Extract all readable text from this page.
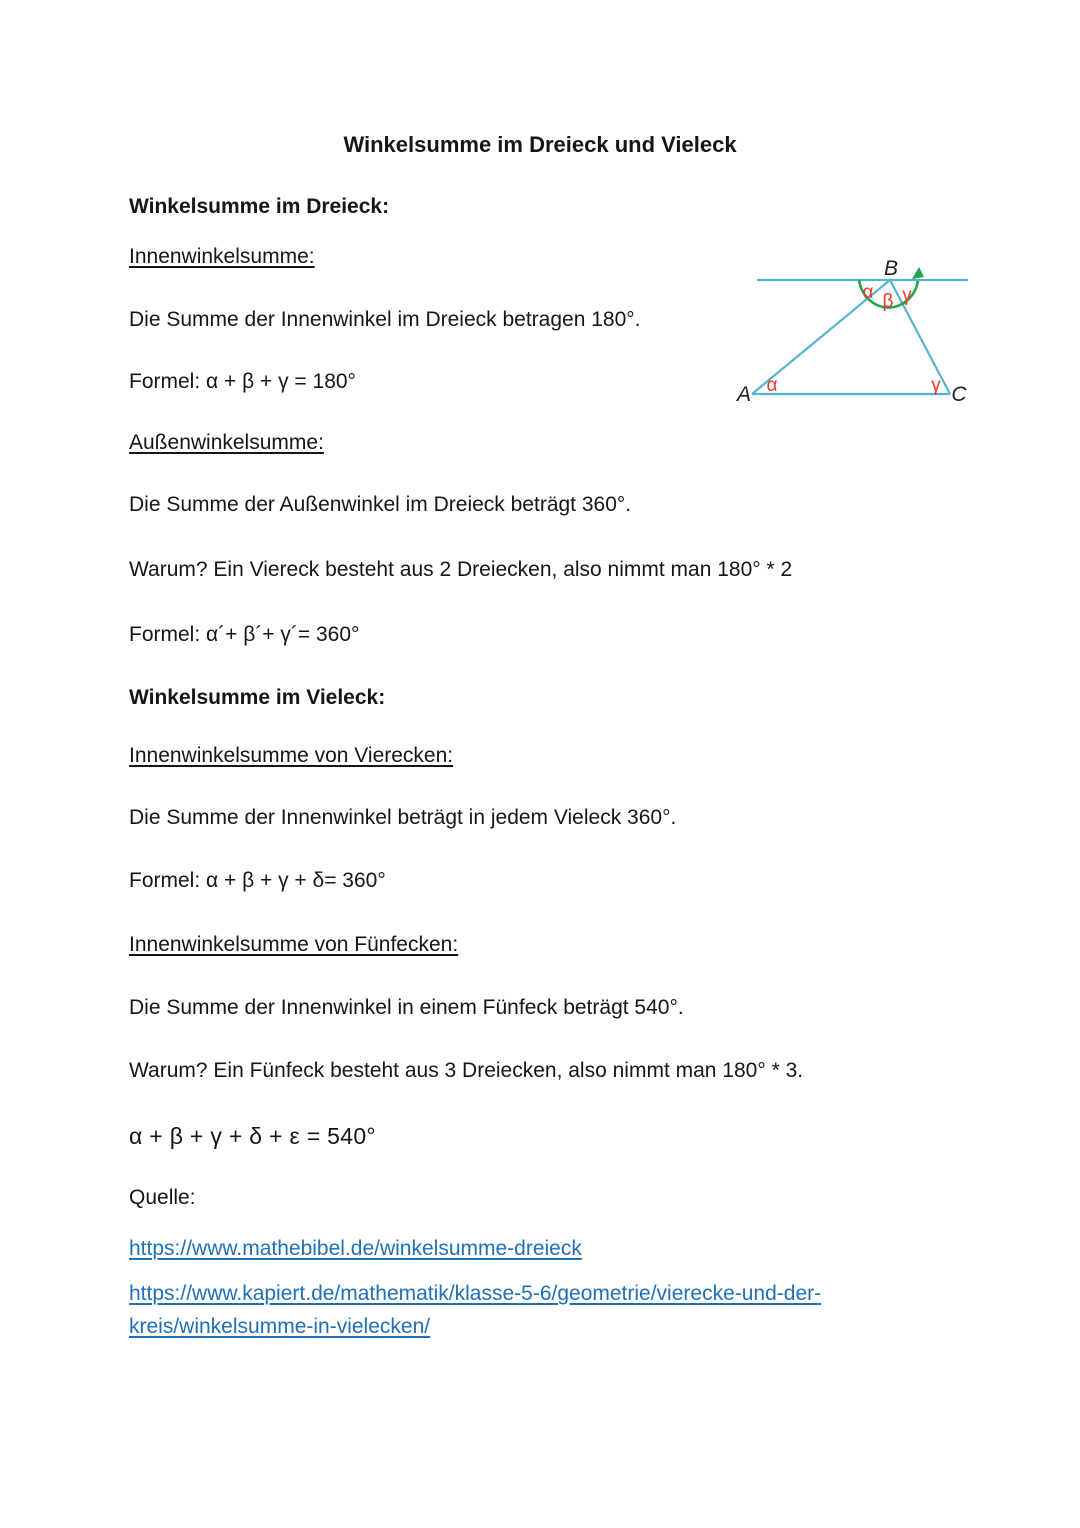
Winkelsumme im Dreieck und Vieleck
Winkelsumme im Dreieck:
Innenwinkelsumme:
Die Summe der Innenwinkel im Dreieck betragen 180°.
Formel: α + β + γ = 180°
Außenwinkelsumme:
Die Summe der Außenwinkel im Dreieck beträgt 360°.
Warum? Ein Viereck besteht aus 2 Dreiecken, also nimmt man 180° * 2
Formel: α´+ β´+ γ´= 360°
Winkelsumme im Vieleck:
Innenwinkelsumme von Vierecken:
Die Summe der Innenwinkel beträgt in jedem Vieleck 360°.
Formel: α + β + γ + δ= 360°
Innenwinkelsumme von Fünfecken:
Die Summe der Innenwinkel in einem Fünfeck beträgt 540°.
Warum? Ein Fünfeck besteht aus 3 Dreiecken, also nimmt man 180° * 3.
α + β + γ + δ + ε = 540°
Quelle:
https://www.mathebibel.de/winkelsumme-dreieck
https://www.kapiert.de/mathematik/klasse-5-6/geometrie/vierecke-und-der-
kreis/winkelsumme-in-vielecken/
B
A	C
α β γ
α	γ
